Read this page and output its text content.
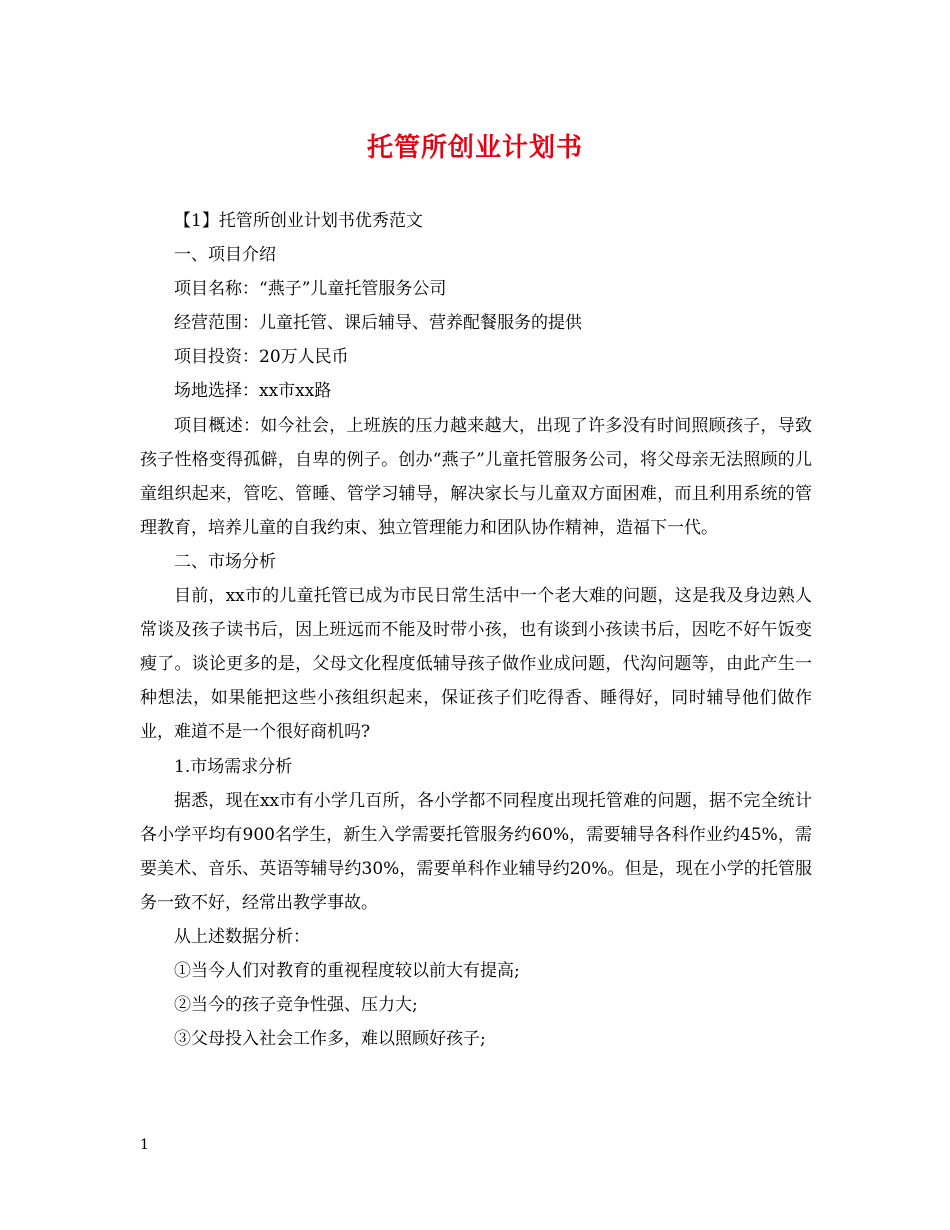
托管所创业计划书

【1】托管所创业计划书优秀范文

一、项目介绍

项目名称：“燕子”儿童托管服务公司

经营范围：儿童托管、课后辅导、营养配餐服务的提供

项目投资：20万人民币

场地选择：xx市xx路

项目概述：如今社会，上班族的压力越来越大，出现了许多没有时间照顾孩子，导致孩子性格变得孤僻，自卑的例子。创办“燕子”儿童托管服务公司，将父母亲无法照顾的儿童组织起来，管吃、管睡、管学习辅导，解决家长与儿童双方面困难，而且利用系统的管理教育，培养儿童的自我约束、独立管理能力和团队协作精神，造福下一代。

二、市场分析

目前，xx市的儿童托管已成为市民日常生活中一个老大难的问题，这是我及身边熟人常谈及孩子读书后，因上班远而不能及时带小孩，也有谈到小孩读书后，因吃不好午饭变瘦了。谈论更多的是，父母文化程度低辅导孩子做作业成问题，代沟问题等，由此产生一种想法，如果能把这些小孩组织起来，保证孩子们吃得香、睡得好，同时辅导他们做作业，难道不是一个很好商机吗?

1.市场需求分析

据悉，现在xx市有小学几百所，各小学都不同程度出现托管难的问题，据不完全统计各小学平均有900名学生，新生入学需要托管服务约60%，需要辅导各科作业约45%，需要美术、音乐、英语等辅导约30%，需要单科作业辅导约20%。但是，现在小学的托管服务一致不好，经常出教学事故。

从上述数据分析：

①当今人们对教育的重视程度较以前大有提高;

②当今的孩子竞争性强、压力大;

③父母投入社会工作多，难以照顾好孩子;

1
